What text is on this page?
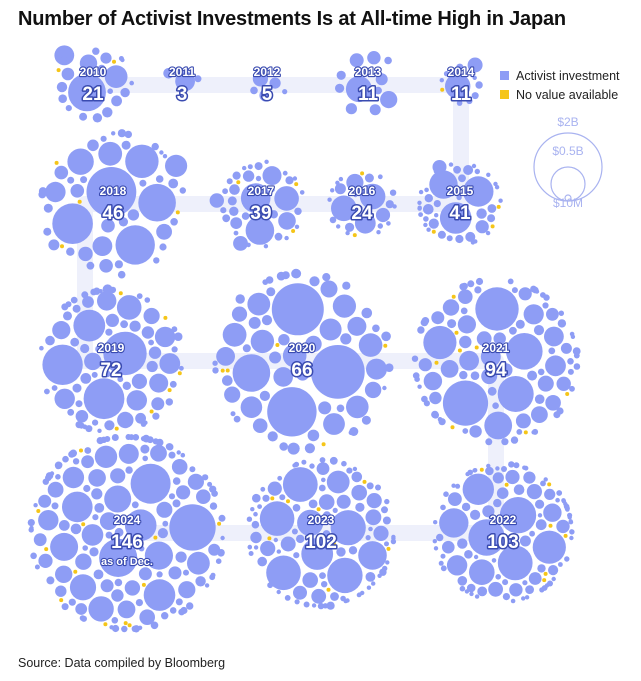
Number of Activist Investments Is at All-time High in Japan
2010
21
2011
3
2012
5
2013
11
2014
11
2015
41
2016
24
2017
39
2018
46
2019
72
2020
66
2021
94
2022
103
2023
102
2024
146
as of Dec.
$2B
$0.5B
$10M
Activist investment
No value available
Source: Data compiled by Bloomberg
